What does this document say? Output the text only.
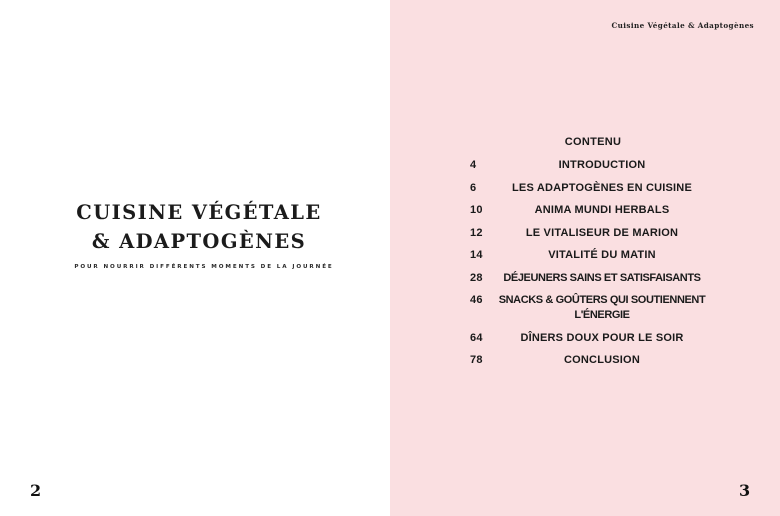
CUISINE VÉGÉTALE
& ADAPTOGÈNES
POUR NOURRIR DIFFÉRENTS MOMENTS DE LA JOURNÉE
2
Cuisine Végétale & Adaptogènes
CONTENU
4	INTRODUCTION
6	LES ADAPTOGÈNES EN CUISINE
10	ANIMA MUNDI HERBALS
12	LE VITALISEUR DE MARION
14	VITALITÉ DU MATIN
28	DÉJEUNERS SAINS ET SATISFAISANTS
46	SNACKS & GOÛTERS QUI SOUTIENNENT L'ÉNERGIE
64	DÎNERS DOUX POUR LE SOIR
78	CONCLUSION
3
